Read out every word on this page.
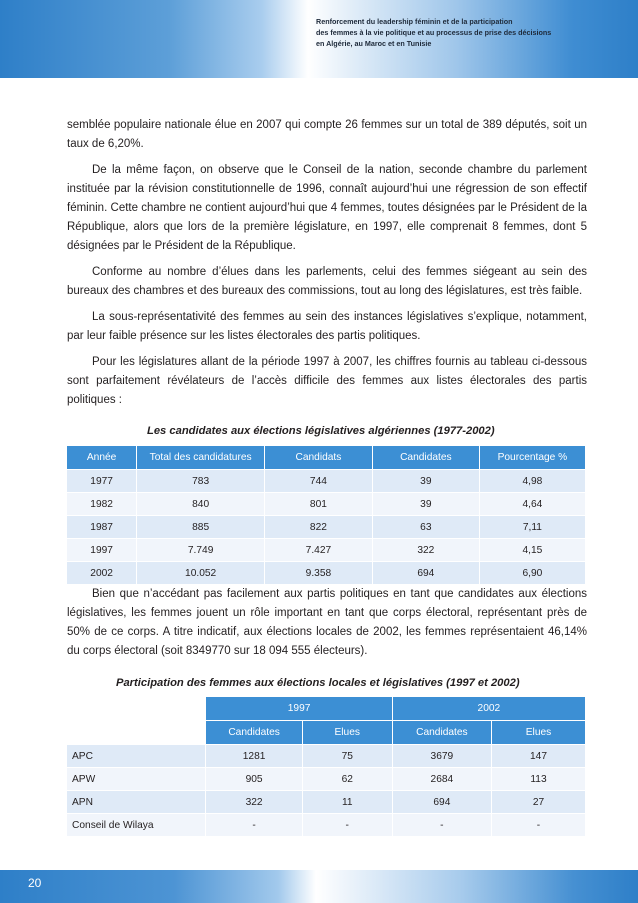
Renforcement du leadership féminin et de la participation
des femmes à la vie politique et au processus de prise des décisions
en Algérie, au Maroc et en Tunisie

semblée populaire nationale élue en 2007 qui compte 26 femmes sur un total de 389 députés, soit un taux de 6,20%.

De la même façon, on observe que le Conseil de la nation, seconde chambre du parlement instituée par la révision constitutionnelle de 1996, connaît aujourd’hui une régression de son effectif féminin. Cette chambre ne contient aujourd’hui que 4 femmes, toutes désignées par le Président de la République, alors que lors de la première législature, en 1997, elle comprenait 8 femmes, dont 5 désignées par le Président de la République.

Conforme au nombre d’élues dans les parlements, celui des femmes siégeant au sein des bureaux des chambres et des bureaux des commissions, tout au long des législatures, est très faible.

La sous-représentativité des femmes au sein des instances législatives s’explique, notamment, par leur faible présence sur les listes électorales des partis politiques.

Pour les législatures allant de la période 1997 à 2007, les chiffres fournis au tableau ci-dessous sont parfaitement révélateurs de l’accès difficile des femmes aux listes électorales des partis politiques :

Les candidates aux élections législatives algériennes (1977-2002)
Année	Total des candidatures	Candidats	Candidates	Pourcentage %
1977	783	744	39	4,98
1982	840	801	39	4,64
1987	885	822	63	7,11
1997	7.749	7.427	322	4,15
2002	10.052	9.358	694	6,90

Bien que n’accédant pas facilement aux partis politiques en tant que candidates aux élections législatives, les femmes jouent un rôle important en tant que corps électoral, représentant près de 50% de ce corps. A titre indicatif, aux élections locales de 2002, les femmes représentaient 46,14% du corps électoral (soit 8349770 sur 18 094 555 électeurs).

Participation des femmes aux élections locales et législatives (1997 et 2002)
	1997		2002	
	Candidates	Elues	Candidates	Elues
APC	1281	75	3679	147
APW	905	62	2684	113
APN	322	11	694	27
Conseil de Wilaya	-	-	-	-
20
